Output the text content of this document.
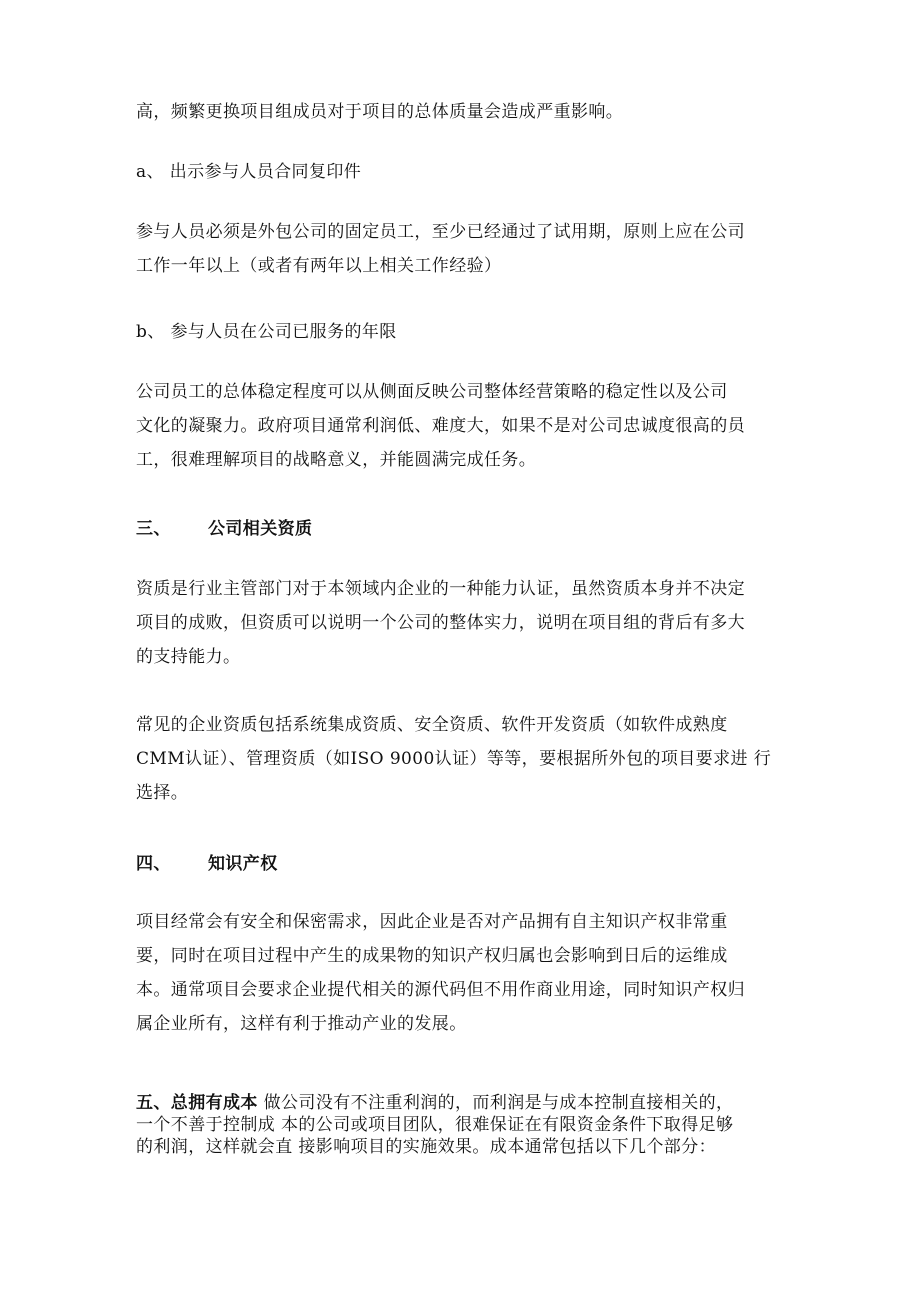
高，频繁更换项目组成员对于项目的总体质量会造成严重影响。
a、 出示参与人员合同复印件
参与人员必须是外包公司的固定员工，至少已经通过了试用期，原则上应在公司
工作一年以上（或者有两年以上相关工作经验）
b、 参与人员在公司已服务的年限
公司员工的总体稳定程度可以从侧面反映公司整体经营策略的稳定性以及公司
文化的凝聚力。政府项目通常利润低、难度大，如果不是对公司忠诚度很高的员
工，很难理解项目的战略意义，并能圆满完成任务。
三、 公司相关资质
资质是行业主管部门对于本领域内企业的一种能力认证，虽然资质本身并不决定
项目的成败，但资质可以说明一个公司的整体实力，说明在项目组的背后有多大
的支持能力。
常见的企业资质包括系统集成资质、安全资质、软件开发资质（如软件成熟度
CMM认证）、管理资质（如ISO 9000认证）等等，要根据所外包的项目要求进 行
选择。
四、 知识产权
项目经常会有安全和保密需求，因此企业是否对产品拥有自主知识产权非常重
要，同时在项目过程中产生的成果物的知识产权归属也会影响到日后的运维成
本。通常项目会要求企业提代相关的源代码但不用作商业用途，同时知识产权归
属企业所有，这样有利于推动产业的发展。
五、总拥有成本 做公司没有不注重利润的，而利润是与成本控制直接相关的，
一个不善于控制成 本的公司或项目团队，很难保证在有限资金条件下取得足够
的利润，这样就会直 接影响项目的实施效果。成本通常包括以下几个部分：
